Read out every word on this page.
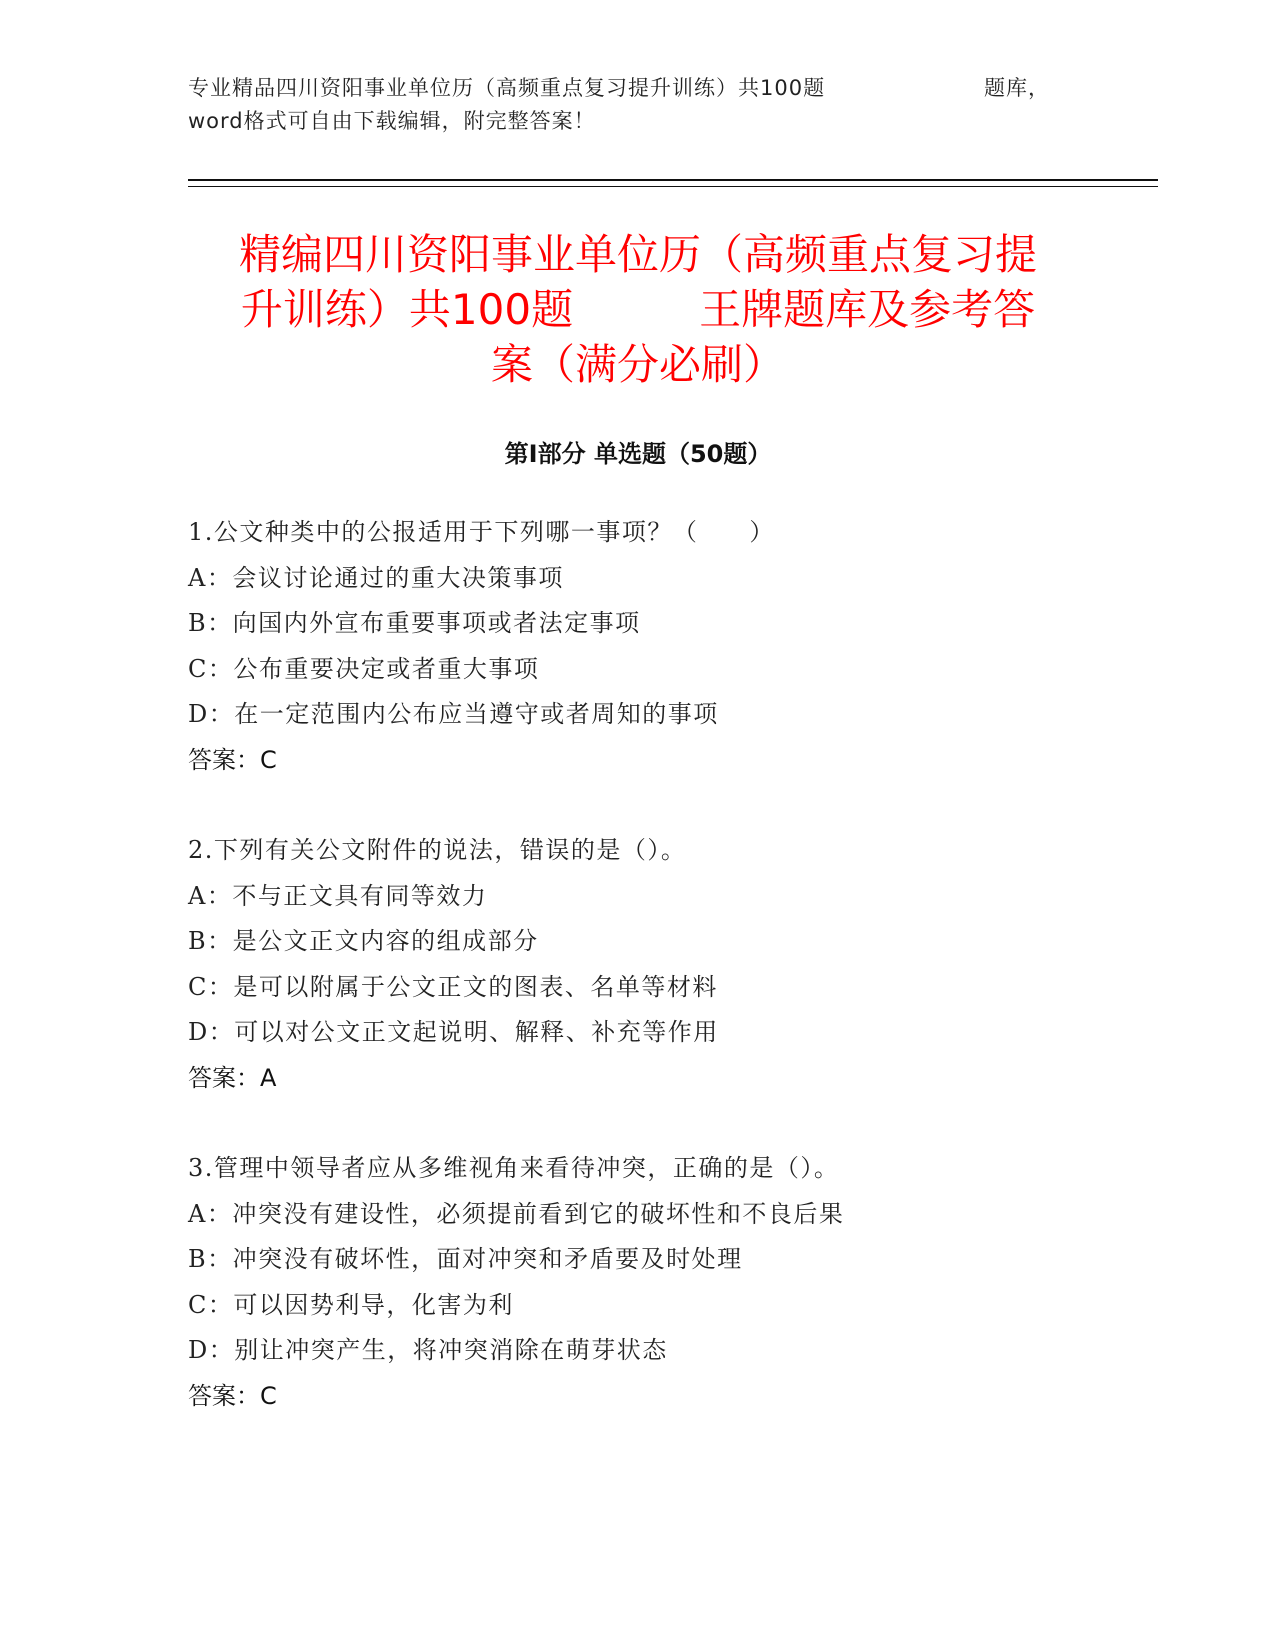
专业精品四川资阳事业单位历（高频重点复习提升训练）共100题	题库，
word格式可自由下载编辑，附完整答案！
精编四川资阳事业单位历（高频重点复习提
升训练）共100题　　　王牌题库及参考答
案（满分必刷）
第Ⅰ部分 单选题（50题）
1.公文种类中的公报适用于下列哪一事项？（　　）
A：会议讨论通过的重大决策事项
B：向国内外宣布重要事项或者法定事项
C：公布重要决定或者重大事项
D：在一定范围内公布应当遵守或者周知的事项
答案：C
2.下列有关公文附件的说法，错误的是（）。
A：不与正文具有同等效力
B：是公文正文内容的组成部分
C：是可以附属于公文正文的图表、名单等材料
D：可以对公文正文起说明、解释、补充等作用
答案：A
3.管理中领导者应从多维视角来看待冲突，正确的是（）。
A：冲突没有建设性，必须提前看到它的破坏性和不良后果
B：冲突没有破坏性，面对冲突和矛盾要及时处理
C：可以因势利导，化害为利
D：别让冲突产生，将冲突消除在萌芽状态
答案：C
